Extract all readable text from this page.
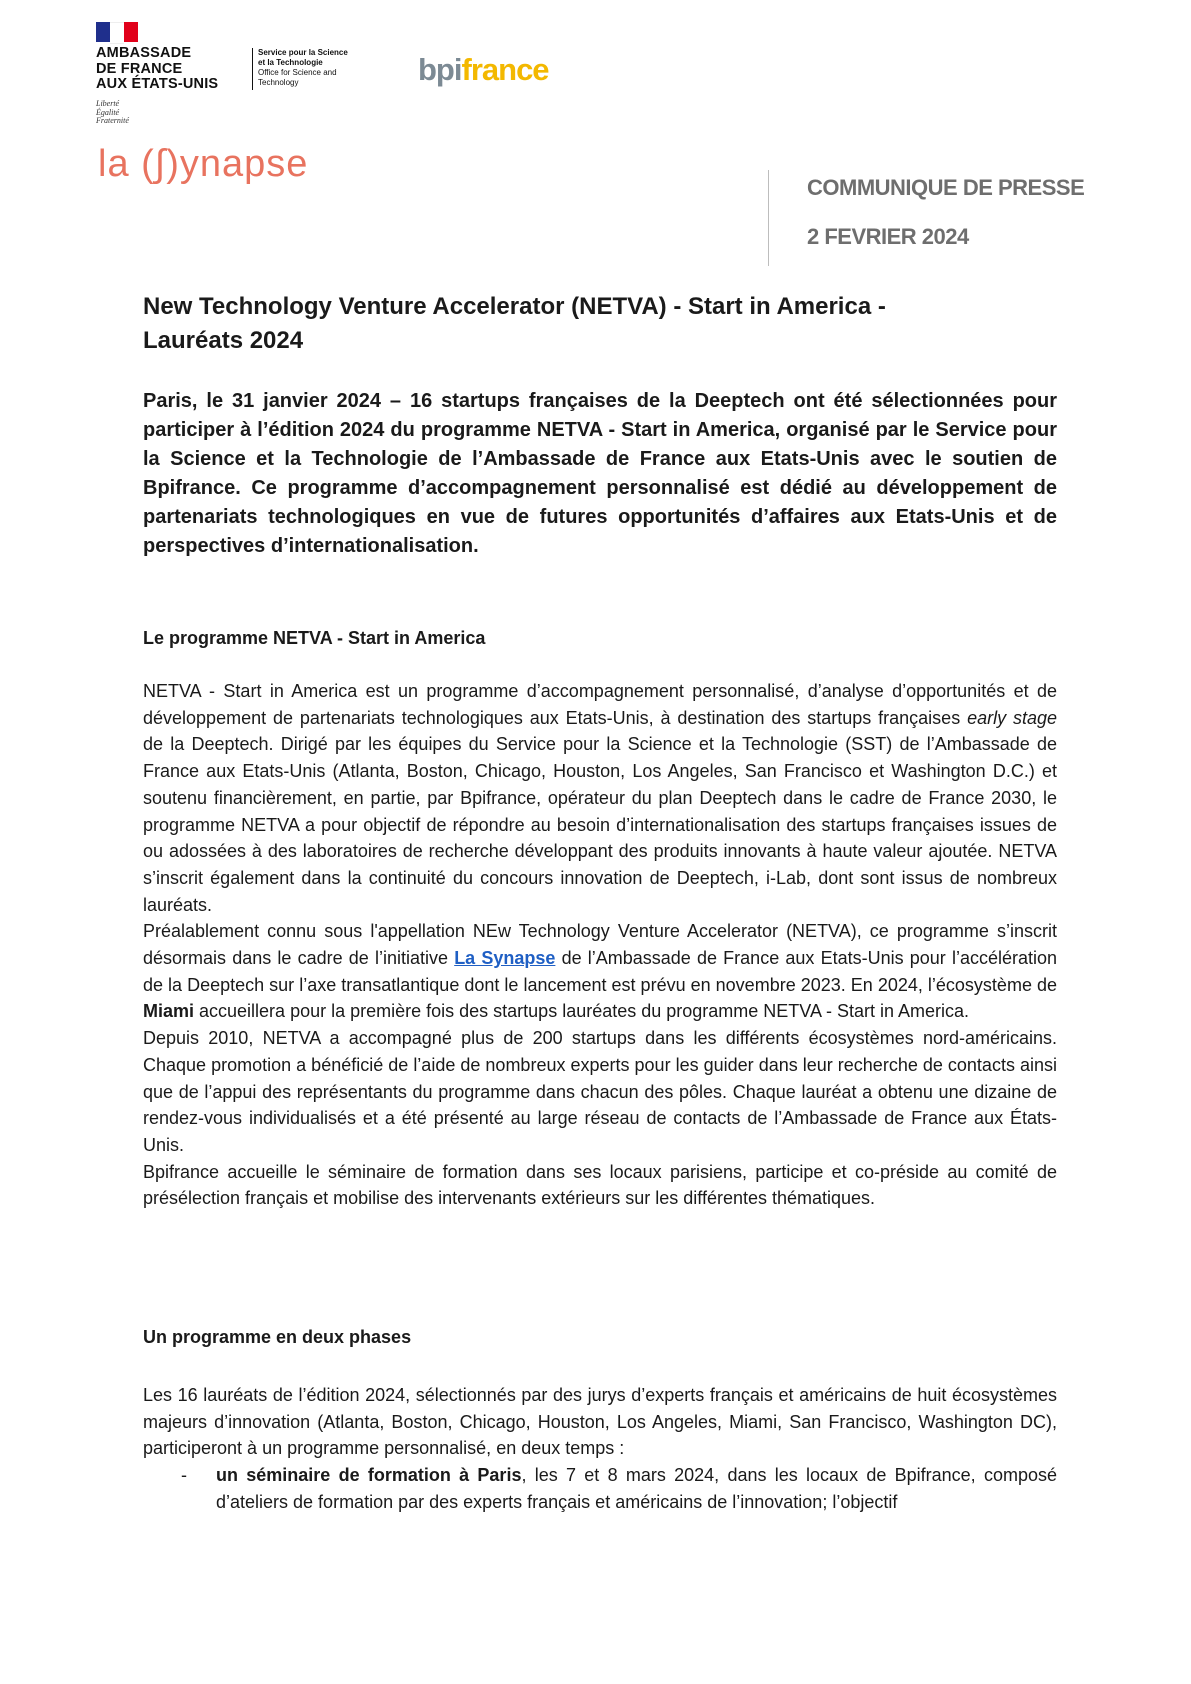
AMBASSADE
DE FRANCE
AUX ÉTATS-UNIS
Liberté
Égalité
Fraternité
Service pour la Science
et la Technologie
Office for Science and
Technology	bpifrance
la (∫)ynapse
COMMUNIQUE DE PRESSE
2 FEVRIER 2024
New Technology Venture Accelerator (NETVA) - Start in America -
Lauréats 2024
Paris, le 31 janvier 2024 – 16 startups françaises de la Deeptech ont été sélectionnées pour participer à l’édition 2024 du programme NETVA - Start in America, organisé par le Service pour la Science et la Technologie de l’Ambassade de France aux Etats-Unis avec le soutien de Bpifrance. Ce programme d’accompagnement personnalisé est dédié au développement de partenariats technologiques en vue de futures opportunités d’affaires aux Etats-Unis et de perspectives d’internationalisation.
Le programme NETVA - Start in America

NETVA - Start in America est un programme d’accompagnement personnalisé, d’analyse d’opportunités et de développement de partenariats technologiques aux Etats-Unis, à destination des startups françaises early stage de la Deeptech. Dirigé par les équipes du Service pour la Science et la Technologie (SST) de l’Ambassade de France aux Etats-Unis (Atlanta, Boston, Chicago, Houston, Los Angeles, San Francisco et Washington D.C.) et soutenu financièrement, en partie, par Bpifrance, opérateur du plan Deeptech dans le cadre de France 2030, le programme NETVA a pour objectif de répondre au besoin d’internationalisation des startups françaises issues de ou adossées à des laboratoires de recherche développant des produits innovants à haute valeur ajoutée. NETVA s’inscrit également dans la continuité du concours innovation de Deeptech, i-Lab, dont sont issus de nombreux lauréats.

Préalablement connu sous l'appellation NEw Technology Venture Accelerator (NETVA), ce programme s’inscrit désormais dans le cadre de l’initiative La Synapse de l’Ambassade de France aux Etats-Unis pour l’accélération de la Deeptech sur l’axe transatlantique dont le lancement est prévu en novembre 2023. En 2024, l’écosystème de Miami accueillera pour la première fois des startups lauréates du programme NETVA - Start in America.

Depuis 2010, NETVA a accompagné plus de 200 startups dans les différents écosystèmes nord-américains. Chaque promotion a bénéficié de l’aide de nombreux experts pour les guider dans leur recherche de contacts ainsi que de l’appui des représentants du programme dans chacun des pôles. Chaque lauréat a obtenu une dizaine de rendez-vous individualisés et a été présenté au large réseau de contacts de l’Ambassade de France aux États-Unis.

Bpifrance accueille le séminaire de formation dans ses locaux parisiens, participe et co-préside au comité de présélection français et mobilise des intervenants extérieurs sur les différentes thématiques.

Un programme en deux phases

Les 16 lauréats de l’édition 2024, sélectionnés par des jurys d’experts français et américains de huit écosystèmes majeurs d’innovation (Atlanta, Boston, Chicago, Houston, Los Angeles, Miami, San Francisco, Washington DC), participeront à un programme personnalisé, en deux temps :

-	un séminaire de formation à Paris, les 7 et 8 mars 2024, dans les locaux de Bpifrance, composé d’ateliers de formation par des experts français et américains de l’innovation; l’objectif
